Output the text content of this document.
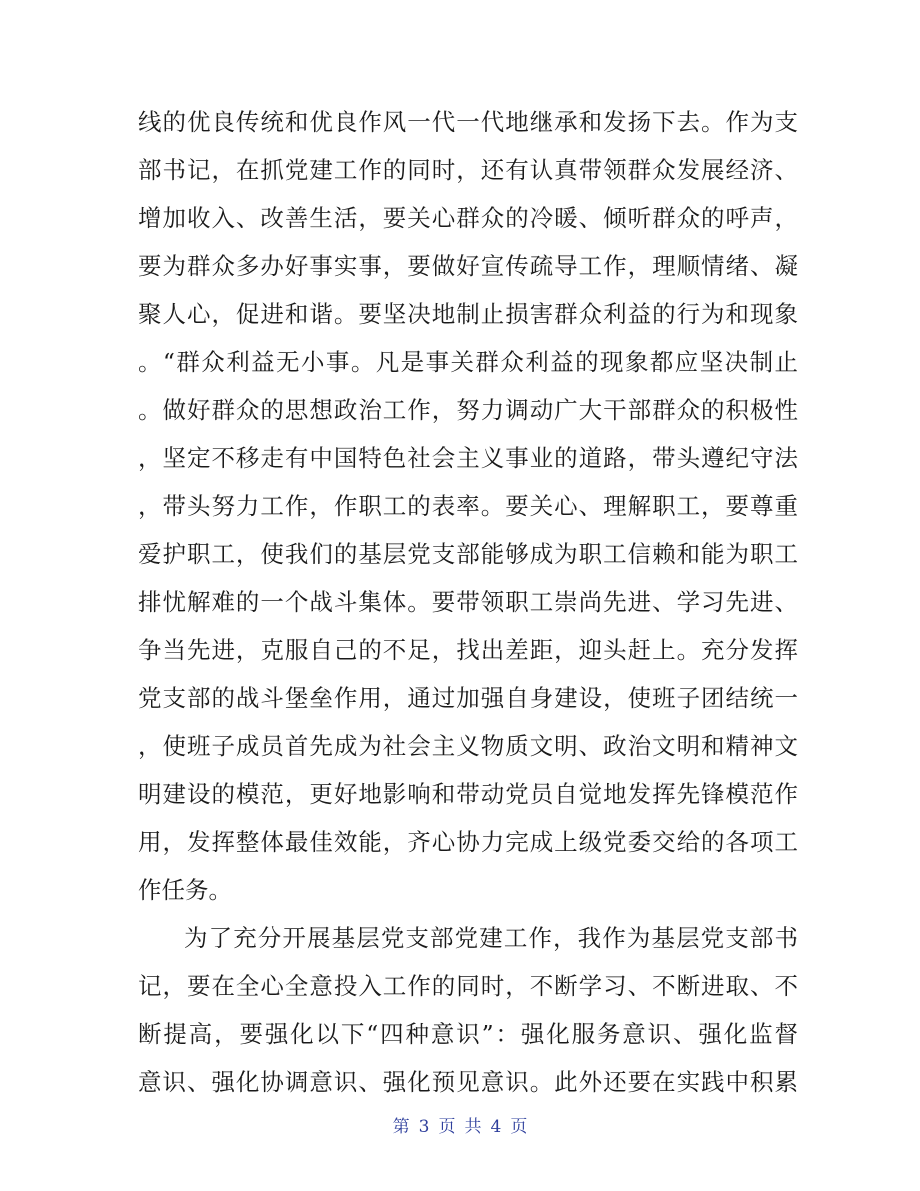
线的优良传统和优良作风一代一代地继承和发扬下去。作为支
部书记，在抓党建工作的同时，还有认真带领群众发展经济、
增加收入、改善生活，要关心群众的冷暖、倾听群众的呼声，
要为群众多办好事实事，要做好宣传疏导工作，理顺情绪、凝
聚人心，促进和谐。要坚决地制止损害群众利益的行为和现象
。“群众利益无小事。凡是事关群众利益的现象都应坚决制止
。做好群众的思想政治工作，努力调动广大干部群众的积极性
，坚定不移走有中国特色社会主义事业的道路，带头遵纪守法
，带头努力工作，作职工的表率。要关心、理解职工，要尊重
爱护职工，使我们的基层党支部能够成为职工信赖和能为职工
排忧解难的一个战斗集体。要带领职工崇尚先进、学习先进、
争当先进，克服自己的不足，找出差距，迎头赶上。充分发挥
党支部的战斗堡垒作用，通过加强自身建设，使班子团结统一
，使班子成员首先成为社会主义物质文明、政治文明和精神文
明建设的模范，更好地影响和带动党员自觉地发挥先锋模范作
用，发挥整体最佳效能，齐心协力完成上级党委交给的各项工
作任务。
为了充分开展基层党支部党建工作，我作为基层党支部书
记，要在全心全意投入工作的同时，不断学习、不断进取、不
断提高，要强化以下“四种意识”：强化服务意识、强化监督
意识、强化协调意识、强化预见意识。此外还要在实践中积累
第 3 页 共 4 页
